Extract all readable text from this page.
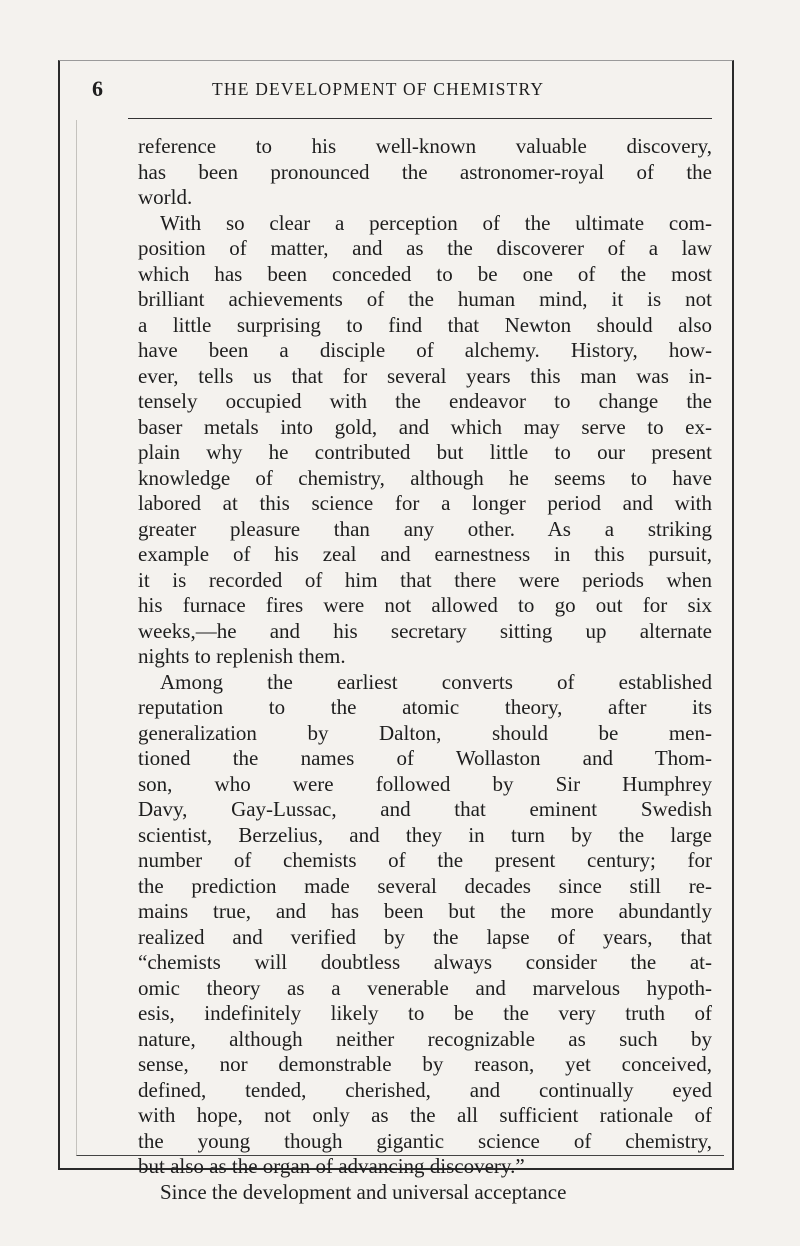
6	THE DEVELOPMENT OF CHEMISTRY
reference to his well-known valuable discovery,
has been pronounced the astronomer-royal of the
world.
With so clear a perception of the ultimate com-
position of matter, and as the discoverer of a law
which has been conceded to be one of the most
brilliant achievements of the human mind, it is not
a little surprising to find that Newton should also
have been a disciple of alchemy. History, how-
ever, tells us that for several years this man was in-
tensely occupied with the endeavor to change the
baser metals into gold, and which may serve to ex-
plain why he contributed but little to our present
knowledge of chemistry, although he seems to have
labored at this science for a longer period and with
greater pleasure than any other. As a striking
example of his zeal and earnestness in this pursuit,
it is recorded of him that there were periods when
his furnace fires were not allowed to go out for six
weeks,—he and his secretary sitting up alternate
nights to replenish them.
Among the earliest converts of established
reputation to the atomic theory, after its
generalization by Dalton, should be men-
tioned the names of Wollaston and Thom-
son, who were followed by Sir Humphrey
Davy, Gay-Lussac, and that eminent Swedish
scientist, Berzelius, and they in turn by the large
number of chemists of the present century; for
the prediction made several decades since still re-
mains true, and has been but the more abundantly
realized and verified by the lapse of years, that
“chemists will doubtless always consider the at-
omic theory as a venerable and marvelous hypoth-
esis, indefinitely likely to be the very truth of
nature, although neither recognizable as such by
sense, nor demonstrable by reason, yet conceived,
defined, tended, cherished, and continually eyed
with hope, not only as the all sufficient rationale of
the young though gigantic science of chemistry,
but also as the organ of advancing discovery.”
Since the development and universal acceptance
